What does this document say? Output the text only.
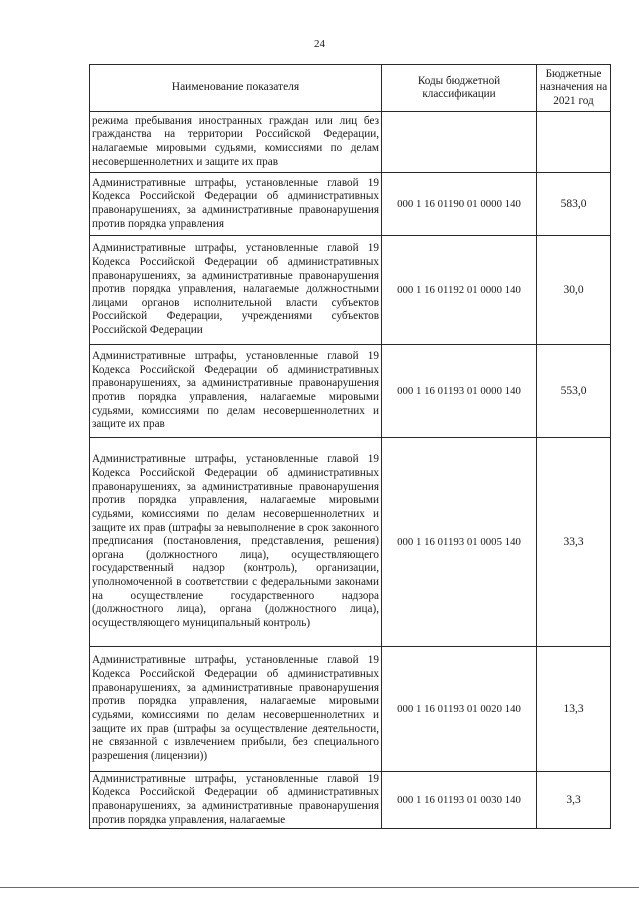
24
Наименование показателя	Коды бюджетной классификации	Бюджетные назначения на 2021 год
режима пребывания иностранных граждан или лиц без гражданства на территории Российской Федерации, налагаемые мировыми судьями, комиссиями по делам несовершеннолетних и защите их прав		
Административные штрафы, установленные главой 19 Кодекса Российской Федерации об административных правонарушениях, за административные правонарушения против порядка управления	000 1 16 01190 01 0000 140	583,0
Административные штрафы, установленные главой 19 Кодекса Российской Федерации об административных правонарушениях, за административные правонарушения против порядка управления, налагаемые должностными лицами органов исполнительной власти субъектов Российской Федерации, учреждениями субъектов Российской Федерации	000 1 16 01192 01 0000 140	30,0
Административные штрафы, установленные главой 19 Кодекса Российской Федерации об административных правонарушениях, за административные правонарушения против порядка управления, налагаемые мировыми судьями, комиссиями по делам несовершеннолетних и защите их прав	000 1 16 01193 01 0000 140	553,0
Административные штрафы, установленные главой 19 Кодекса Российской Федерации об административных правонарушениях, за административные правонарушения против порядка управления, налагаемые мировыми судьями, комиссиями по делам несовершеннолетних и защите их прав (штрафы за невыполнение в срок законного предписания (постановления, представления, решения) органа (должностного лица), осуществляющего государственный надзор (контроль), организации, уполномоченной в соответствии с федеральными законами на осуществление государственного надзора (должностного лица), органа (должностного лица), осуществляющего муниципальный контроль)	000 1 16 01193 01 0005 140	33,3
Административные штрафы, установленные главой 19 Кодекса Российской Федерации об административных правонарушениях, за административные правонарушения против порядка управления, налагаемые мировыми судьями, комиссиями по делам несовершеннолетних и защите их прав (штрафы за осуществление деятельности, не связанной с извлечением прибыли, без специального разрешения (лицензии))	000 1 16 01193 01 0020 140	13,3
Административные штрафы, установленные главой 19 Кодекса Российской Федерации об административных правонарушениях, за административные правонарушения против порядка управления, налагаемые	000 1 16 01193 01 0030 140	3,3
